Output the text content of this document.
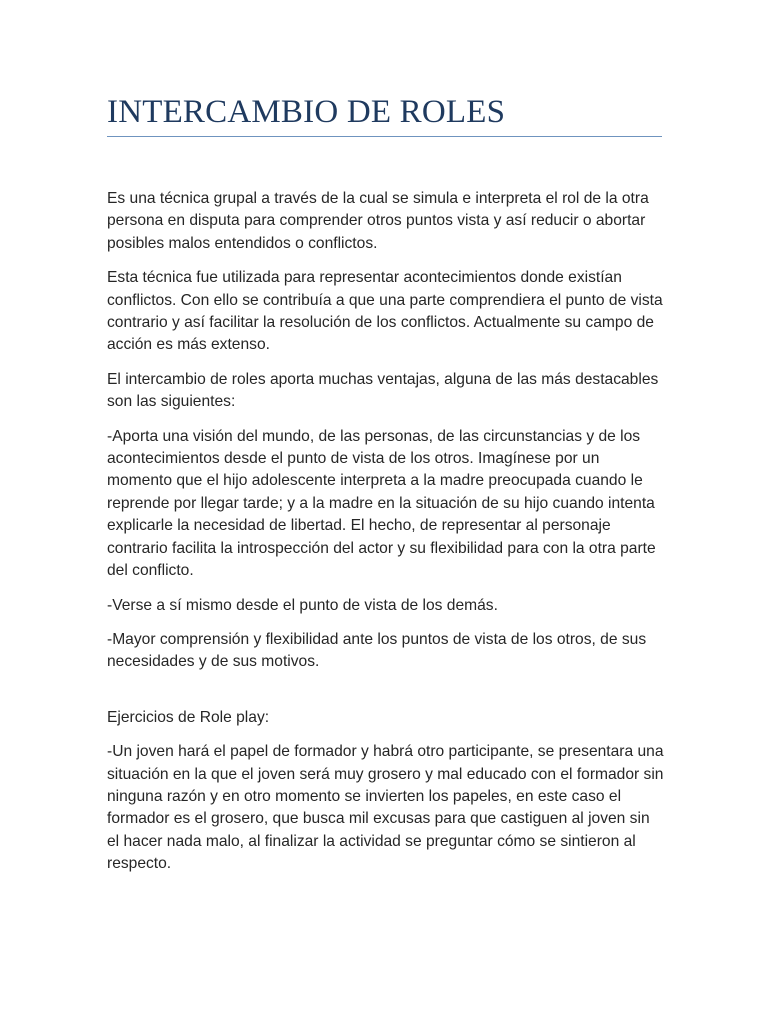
INTERCAMBIO DE ROLES

Es una técnica grupal a través de la cual se simula e interpreta el rol de la otra persona en disputa para comprender otros puntos vista y así reducir o abortar posibles malos entendidos o conflictos.

Esta técnica fue utilizada para representar acontecimientos donde existían conflictos. Con ello se contribuía a que una parte comprendiera el punto de vista contrario y así facilitar la resolución de los conflictos. Actualmente su campo de acción es más extenso.

El intercambio de roles aporta muchas ventajas, alguna de las más destacables son las siguientes:

-Aporta una visión del mundo, de las personas, de las circunstancias y de los acontecimientos desde el punto de vista de los otros. Imagínese por un momento que el hijo adolescente interpreta a la madre preocupada cuando le reprende por llegar tarde; y a la madre en la situación de su hijo cuando intenta explicarle la necesidad de libertad. El hecho, de representar al personaje contrario facilita la introspección del actor y su flexibilidad para con la otra parte del conflicto.

-Verse a sí mismo desde el punto de vista de los demás.

-Mayor comprensión y flexibilidad ante los puntos de vista de los otros, de sus necesidades y de sus motivos.

Ejercicios de Role play:

-Un joven hará el papel de formador y habrá otro participante, se presentara una situación en la que el joven será muy grosero y mal educado con el formador sin ninguna razón y en otro momento se invierten los papeles, en este caso el formador es el grosero, que busca mil excusas para que castiguen al joven sin el hacer nada malo, al finalizar la actividad se preguntar cómo se sintieron al respecto.
